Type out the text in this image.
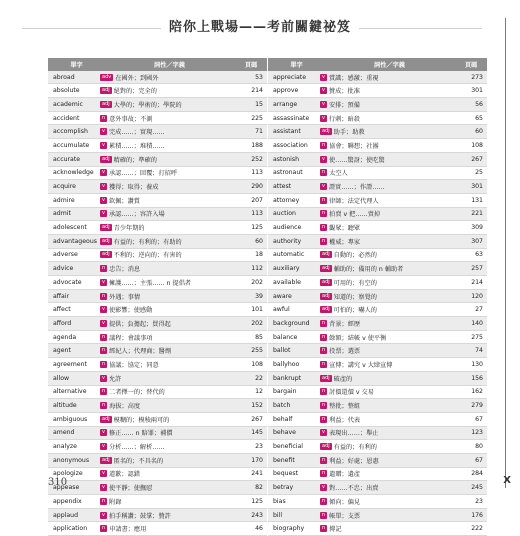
陪你上戰場——考前關鍵祕笈
單字	詞性／字義	頁碼
abroad	adv 在國外；到國外	53
absolute	adj 絕對的；完全的	214
academic	adj 大學的；學術的；學院的	15
accident	n 意外事故；不測	225
accomplish	v 完成……；實現……	71
accumulate	v 累積……；堆積……	188
accurate	adj 精確的；準確的	252
acknowledge	v 承認……；回覆；打招呼	113
acquire	v 獲得；取得；養成	290
admire	v 欽佩；讚賞	207
admit	v 承認……；容許入場	113
adolescent	adj 青少年期的	125
advantageous	adj 有益的；有利的；有助的	60
adverse	adj 不利的；逆向的；有害的	18
advice	n 忠告；消息	112
advocate	v 擁護……；主張…… n 提倡者	202
affair	n 外遇；事情	39
affect	v 使影響；使感動	101
afford	v 提供；負擔起；買得起	202
agenda	n 議程；會議事項	85
agent	n 經紀人；代理商；醫劑	255
agreement	n 協議；協定；同意	108
allow	v 允許	22
alternative	n 二者擇一的；替代的	12
altitude	n 海拔；高度	152
ambiguous	adj 模糊的；模稜兩可的	267
amend	v 修正…… n 賠罪；補償	145
analyze	v 分析……；解析……	23
anonymous	adj 匿名的；不具名的	170
apologize	v 道歉；認錯	241
appease	v 使平靜；使撫慰	82
appendix	n 附錄	125
applaud	v 拍手稱讚；鼓掌；贊許	243
application	n 申請書；應用	46
單字	詞性／字義	頁碼
appreciate	v 賞識；感激；重視	273
approve	v 贊成；批准	301
arrange	v 安排；預備	56
assassinate	v 行刺；暗殺	65
assistant	adj 助手；助教	60
association	n 協會；聯想；社團	108
astonish	v 使……驚訝；使吃驚	267
astronaut	n 太空人	25
attest	v 證實……；作證……	301
attorney	n 律師；法定代理人	131
auction	n 拍賣 v 把……賣掉	221
audience	n 觀眾；聽眾	309
authority	n 權威；專家	307
automatic	adj 自動的；必然的	63
auxiliary	adj 輔助的；備用的 n 輔助者	257
available	adj 可用的；有空的	214
aware	adj 知道的；察覺的	120
awful	adj 可怕的；嚇人的	27
background	n 背景；經歷	140
balance	n 餘額；結帳 v 使平衡	275
ballot	n 投票；選票	74
ballyhoo	n 宣傳；講究 v 大肆宣傳	130
bankrupt	adj 破產的	156
bargain	n 討價還價 v 交易	162
batch	n 整批；整組	279
behalf	n 利益；代表	67
behave	v 表現出……；舉止	123
beneficial	adj 有益的；有利的	80
benefit	n 利益；好處；恩惠	67
bequest	n 遺贈；遺產	284
betray	v 對……不忠；出賣	245
bias	n 傾向；偏見	23
bill	n 帳單；支票	176
biography	n 傳記	222
310	X
